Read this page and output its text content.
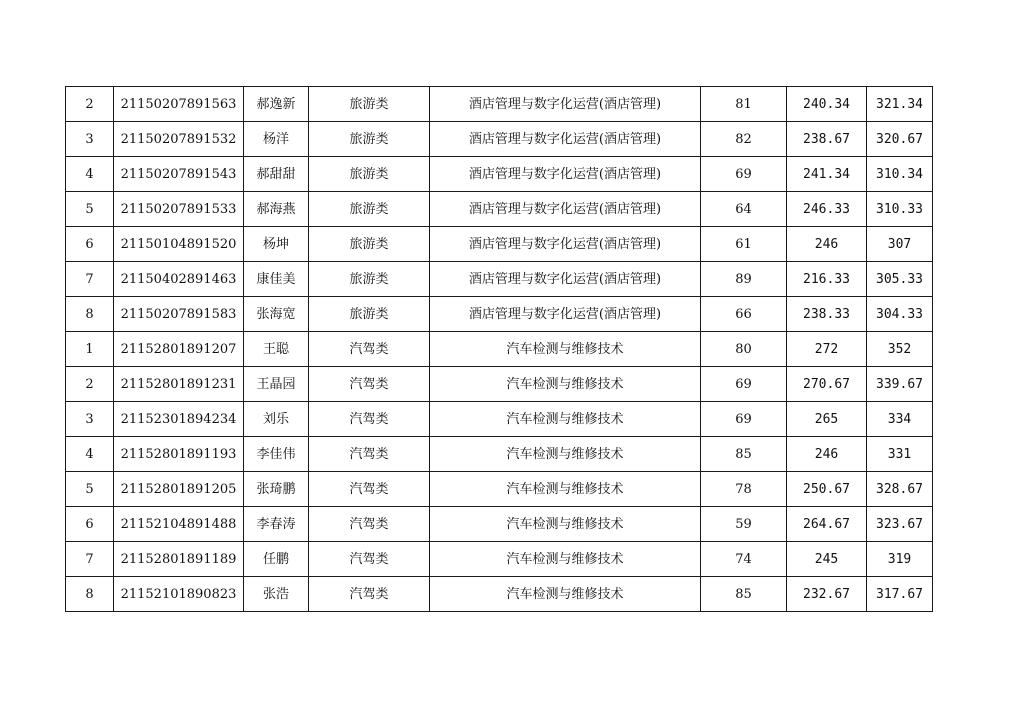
2	21150207891563	郝逸新	旅游类	酒店管理与数字化运营(酒店管理)	81	240.34	321.34
3	21150207891532	杨洋	旅游类	酒店管理与数字化运营(酒店管理)	82	238.67	320.67
4	21150207891543	郝甜甜	旅游类	酒店管理与数字化运营(酒店管理)	69	241.34	310.34
5	21150207891533	郝海燕	旅游类	酒店管理与数字化运营(酒店管理)	64	246.33	310.33
6	21150104891520	杨坤	旅游类	酒店管理与数字化运营(酒店管理)	61	246	307
7	21150402891463	康佳美	旅游类	酒店管理与数字化运营(酒店管理)	89	216.33	305.33
8	21150207891583	张海宽	旅游类	酒店管理与数字化运营(酒店管理)	66	238.33	304.33
1	21152801891207	王聪	汽驾类	汽车检测与维修技术	80	272	352
2	21152801891231	王晶园	汽驾类	汽车检测与维修技术	69	270.67	339.67
3	21152301894234	刘乐	汽驾类	汽车检测与维修技术	69	265	334
4	21152801891193	李佳伟	汽驾类	汽车检测与维修技术	85	246	331
5	21152801891205	张琦鹏	汽驾类	汽车检测与维修技术	78	250.67	328.67
6	21152104891488	李春涛	汽驾类	汽车检测与维修技术	59	264.67	323.67
7	21152801891189	任鹏	汽驾类	汽车检测与维修技术	74	245	319
8	21152101890823	张浩	汽驾类	汽车检测与维修技术	85	232.67	317.67
